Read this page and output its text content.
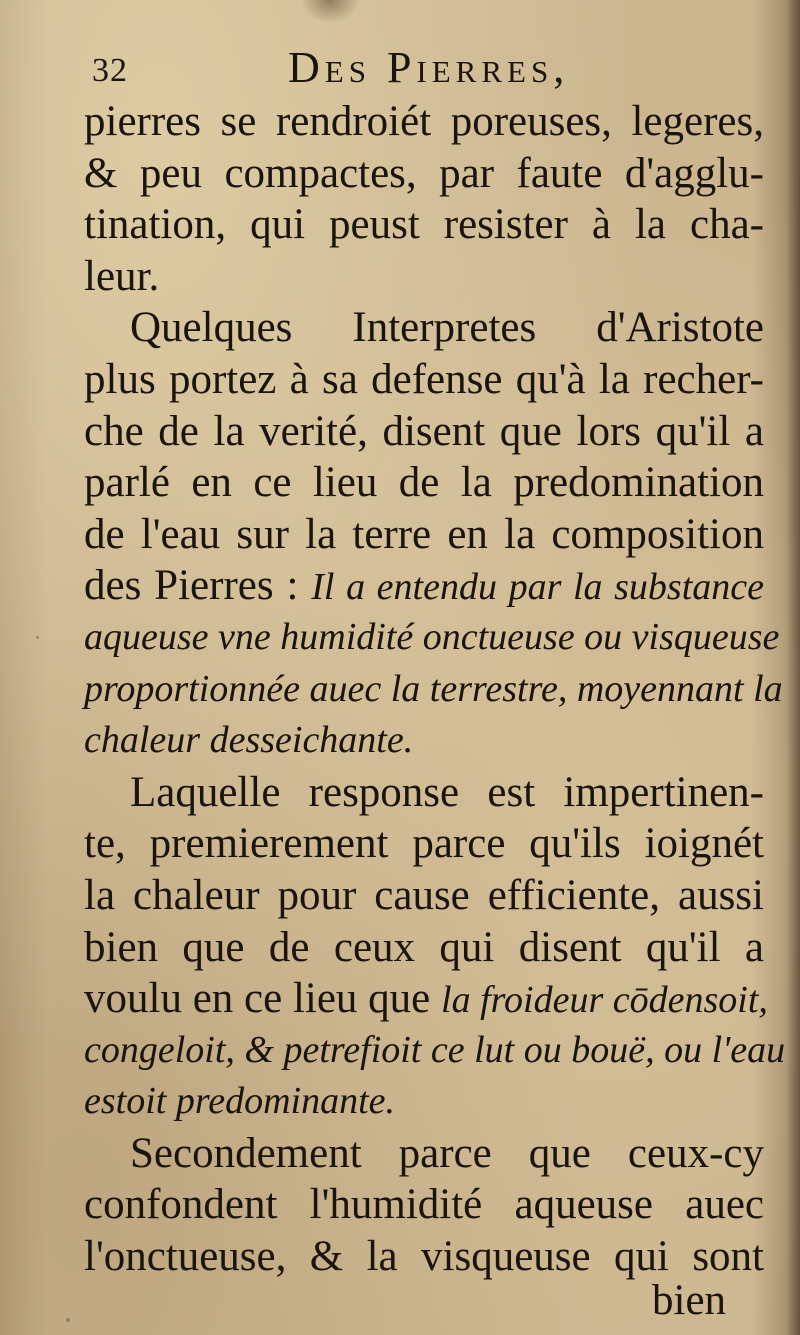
32	Des Pierres,
pierres se rendroiét poreuses, legeres,
& peu compactes, par faute d'agglu-
tination, qui peust resister à la cha-
leur.
Quelques Interpretes d'Aristote
plus portez à sa defense qu'à la recher-
che de la verité, disent que lors qu'il a
parlé en ce lieu de la predomination
de l'eau sur la terre en la composition
des Pierres : Il a entendu par la substance
aqueuse vne humidité onctueuse ou visqueuse
proportionnée auec la terrestre, moyennant la
chaleur desseichante.
Laquelle response est impertinen-
te, premierement parce qu'ils ioignét
la chaleur pour cause efficiente, aussi
bien que de ceux qui disent qu'il a
voulu en ce lieu que la froideur cōdensoit,
congeloit, & petrefioit ce lut ou bouë, ou l'eau
estoit predominante.
Secondement parce que ceux-cy
confondent l'humidité aqueuse auec
l'onctueuse, & la visqueuse qui sont
bien
